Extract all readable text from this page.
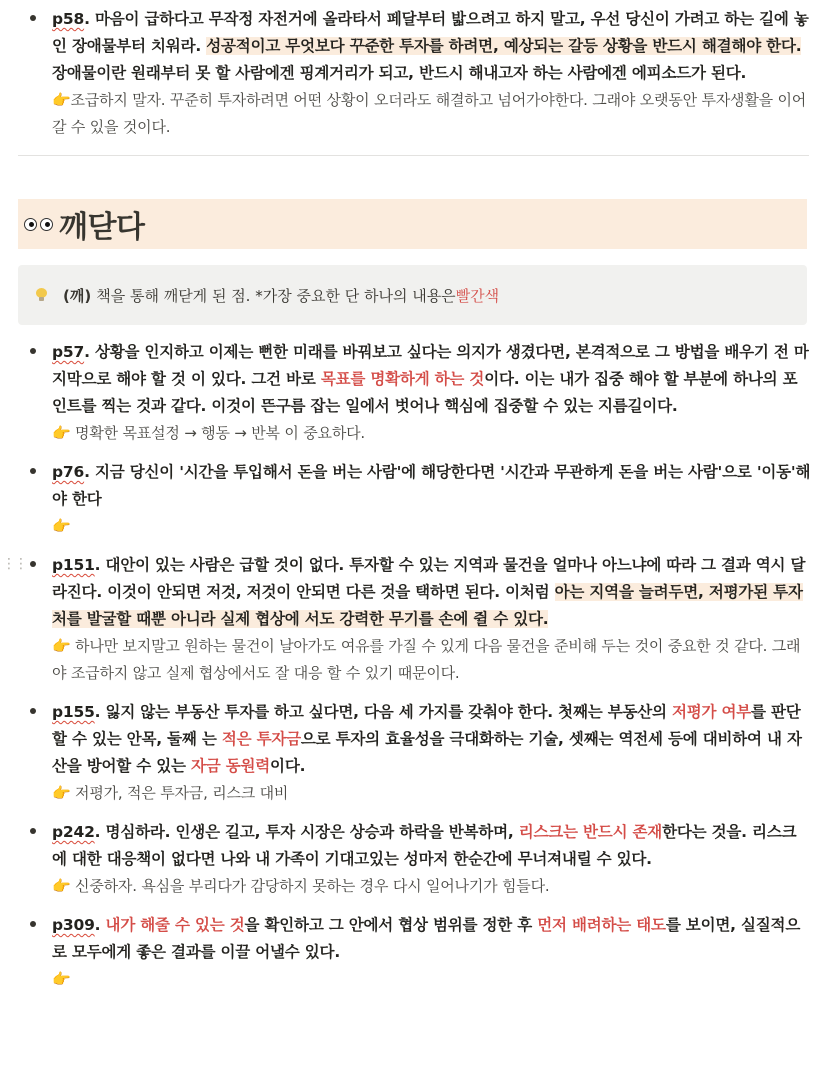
p58. 마음이 급하다고 무작정 자전거에 올라타서 페달부터 밟으려고 하지 말고, 우선 당신이 가려고 하는 길에 놓인 장애물부터 치워라. 성공적이고 무엇보다 꾸준한 투자를 하려면, 예상되는 갈등 상황을 반드시 해결해야 한다. 장애물이란 원래부터 못 할 사람에겐 핑계거리가 되고, 반드시 해내고자 하는 사람에겐 에피소드가 된다.
👉조급하지 말자. 꾸준히 투자하려면 어떤 상황이 오더라도 해결하고 넘어가야한다. 그래야 오랫동안 투자생활을 이어갈 수 있을 것이다.
깨닫다
(깨) 책을 통해 깨닫게 된 점. *가장 중요한 단 하나의 내용은 빨간색
p57. 상황을 인지하고 이제는 뻔한 미래를 바꿔보고 싶다는 의지가 생겼다면, 본격적으로 그 방법을 배우기 전 마지막으로 해야 할 것 이 있다. 그건 바로 목표를 명확하게 하는 것이다. 이는 내가 집중 해야 할 부분에 하나의 포인트를 찍는 것과 같다. 이것이 뜬구름 잡는 일에서 벗어나 핵심에 집중할 수 있는 지름길이다.
👉 명확한 목표설정 → 행동 → 반복 이 중요하다.
p76. 지금 당신이 '시간을 투입해서 돈을 버는 사람'에 해당한다면 '시간과 무관하게 돈을 버는 사람'으로 '이동'해야 한다
👉
⋮⋮ p151. 대안이 있는 사람은 급할 것이 없다. 투자할 수 있는 지역과 물건을 얼마나 아느냐에 따라 그 결과 역시 달라진다. 이것이 안되면 저것, 저것이 안되면 다른 것을 택하면 된다. 이처럼 아는 지역을 늘려두면, 저평가된 투자처를 발굴할 때뿐 아니라 실제 협상에 서도 강력한 무기를 손에 쥘 수 있다.
👉 하나만 보지말고 원하는 물건이 날아가도 여유를 가질 수 있게 다음 물건을 준비해 두는 것이 중요한 것 같다. 그래야 조급하지 않고 실제 협상에서도 잘 대응 할 수 있기 때문이다.
p155. 잃지 않는 부동산 투자를 하고 싶다면, 다음 세 가지를 갖춰야 한다. 첫째는 부동산의 저평가 여부를 판단할 수 있는 안목, 둘째 는 적은 투자금으로 투자의 효율성을 극대화하는 기술, 셋째는 역전세 등에 대비하여 내 자산을 방어할 수 있는 자금 동원력이다.
👉 저평가, 적은 투자금, 리스크 대비
p242. 명심하라. 인생은 길고, 투자 시장은 상승과 하락을 반복하며, 리스크는 반드시 존재한다는 것을. 리스크에 대한 대응책이 없다면 나와 내 가족이 기대고있는 성마저 한순간에 무너져내릴 수 있다.
👉 신중하자. 욕심을 부리다가 감당하지 못하는 경우 다시 일어나기가 힘들다.
p309. 내가 해줄 수 있는 것을 확인하고 그 안에서 협상 범위를 정한 후 먼저 배려하는 태도를 보이면, 실질적으로 모두에게 좋은 결과를 이끌 어낼수 있다.
👉
